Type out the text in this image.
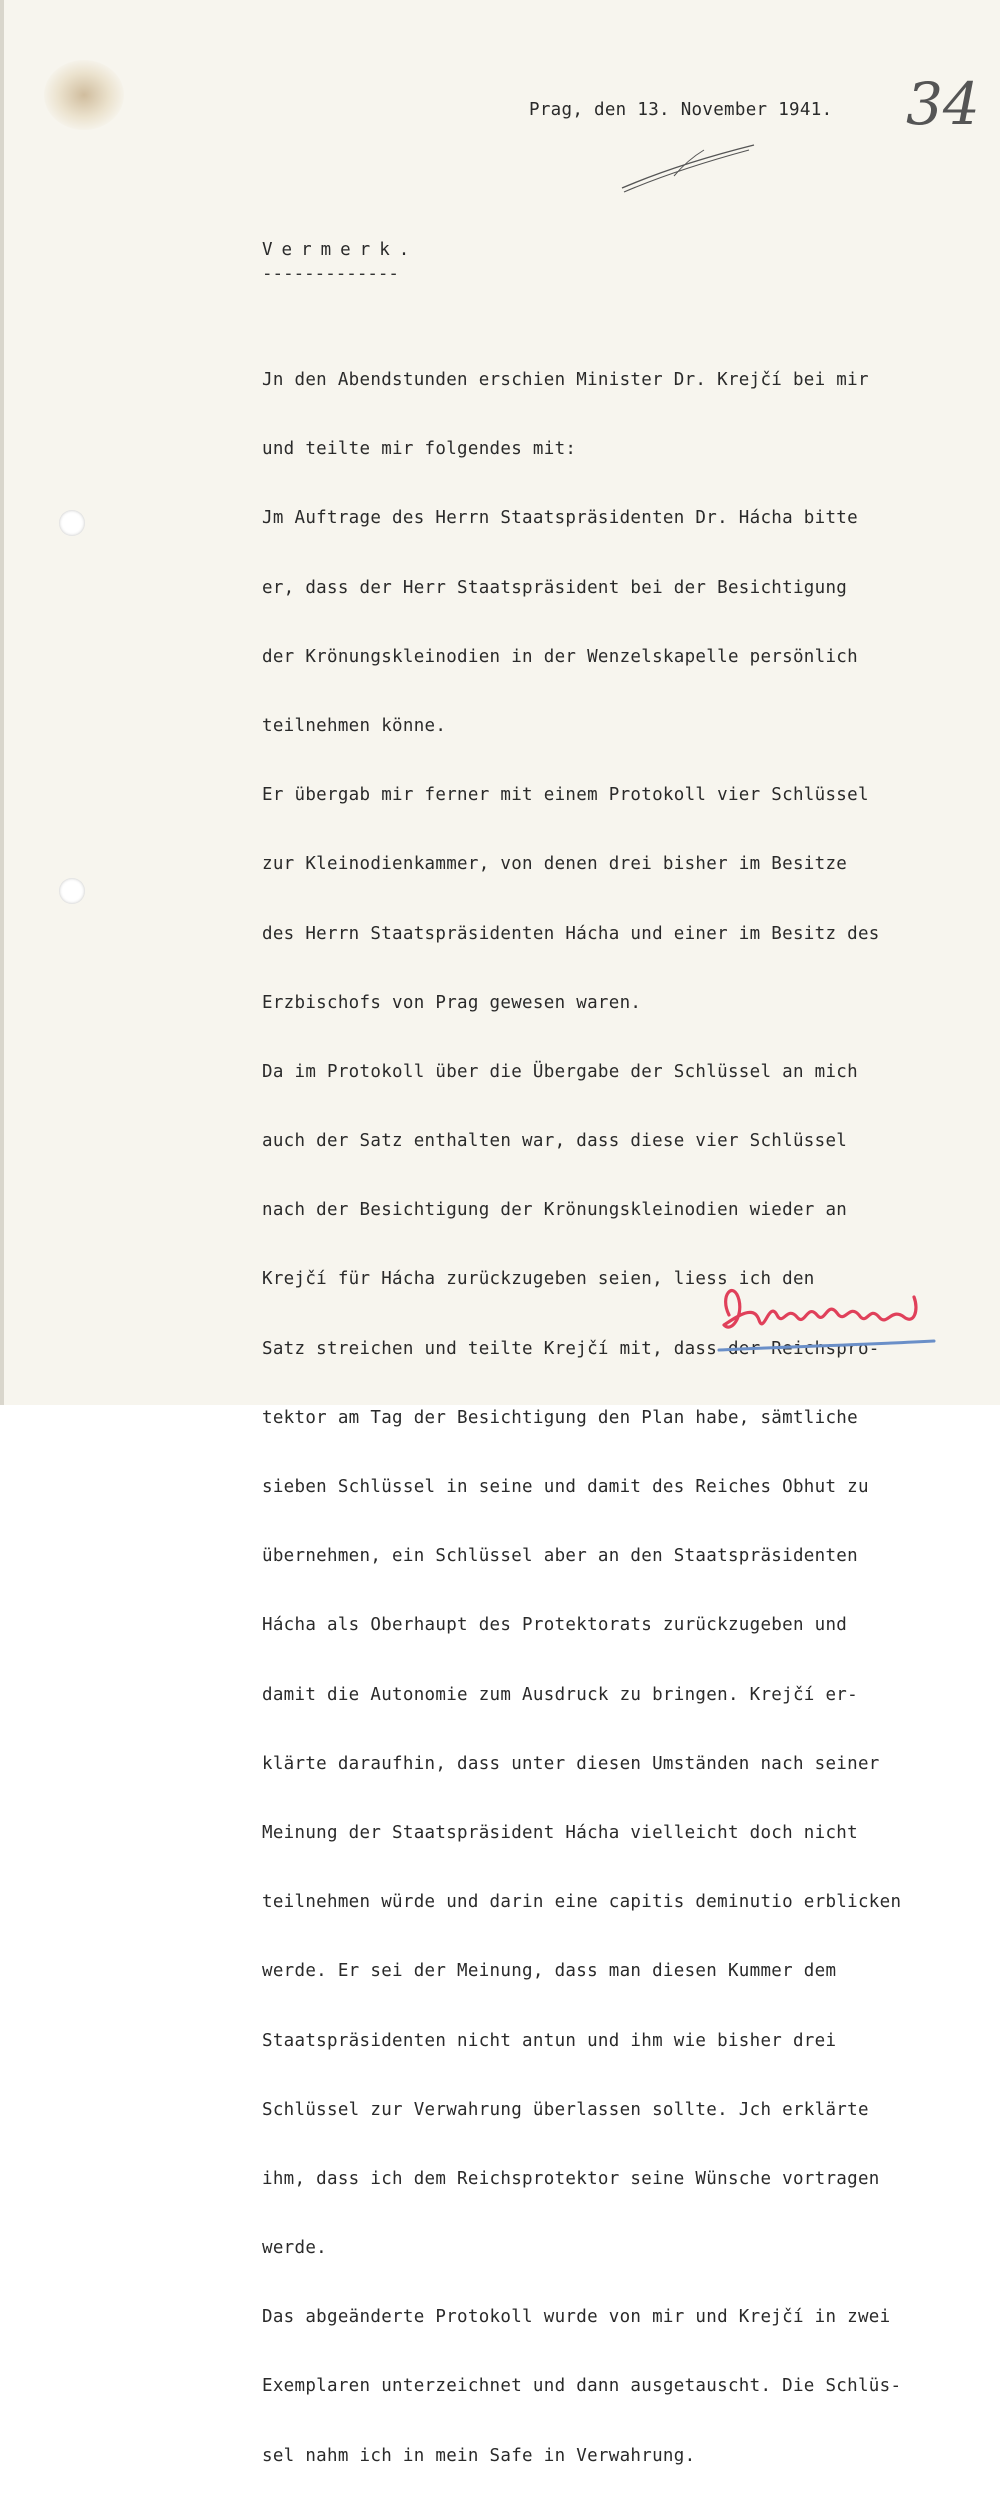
34
Prag, den 13. November 1941.
Vermerk.
-------------

Jn den Abendstunden erschien Minister Dr. Krejčí bei mir

und teilte mir folgendes mit:

Jm Auftrage des Herrn Staatspräsidenten Dr. Hácha bitte

er, dass der Herr Staatspräsident bei der Besichtigung

der Krönungskleinodien in der Wenzelskapelle persönlich

teilnehmen könne.

Er übergab mir ferner mit einem Protokoll vier Schlüssel

zur Kleinodienkammer, von denen drei bisher im Besitze

des Herrn Staatspräsidenten Hácha und einer im Besitz des

Erzbischofs von Prag gewesen waren.

Da im Protokoll über die Übergabe der Schlüssel an mich

auch der Satz enthalten war, dass diese vier Schlüssel

nach der Besichtigung der Krönungskleinodien wieder an

Krejčí für Hácha zurückzugeben seien, liess ich den

Satz streichen und teilte Krejčí mit, dass der Reichspro-

tektor am Tag der Besichtigung den Plan habe, sämtliche

sieben Schlüssel in seine und damit des Reiches Obhut zu

übernehmen, ein Schlüssel aber an den Staatspräsidenten

Hácha als Oberhaupt des Protektorats zurückzugeben und

damit die Autonomie zum Ausdruck zu bringen. Krejčí er-

klärte daraufhin, dass unter diesen Umständen nach seiner

Meinung der Staatspräsident Hácha vielleicht doch nicht

teilnehmen würde und darin eine capitis deminutio erblicken

werde. Er sei der Meinung, dass man diesen Kummer dem

Staatspräsidenten nicht antun und ihm wie bisher drei

Schlüssel zur Verwahrung überlassen sollte. Jch erklärte

ihm, dass ich dem Reichsprotektor seine Wünsche vortragen

werde.

Das abgeänderte Protokoll wurde von mir und Krejčí in zwei

Exemplaren unterzeichnet und dann ausgetauscht. Die Schlüs-

sel nahm ich in mein Safe in Verwahrung.
